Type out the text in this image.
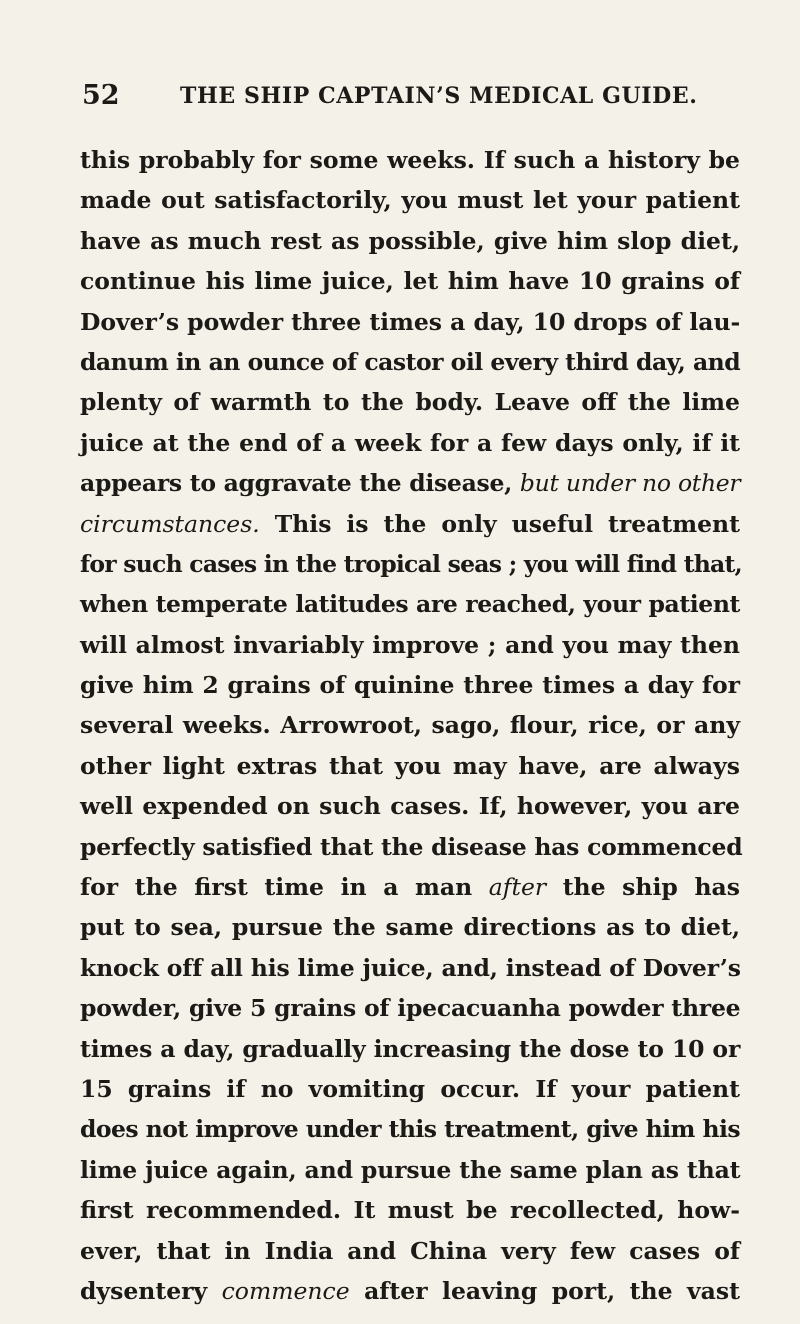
52	THE SHIP CAPTAIN’S MEDICAL GUIDE.
this probably for some weeks. If such a history be
made out satisfactorily, you must let your patient
have as much rest as possible, give him slop diet,
continue his lime juice, let him have 10 grains of
Dover’s powder three times a day, 10 drops of lau-
danum in an ounce of castor oil every third day, and
plenty of warmth to the body. Leave off the lime
juice at the end of a week for a few days only, if it
appears to aggravate the disease, but under no other
circumstances. This is the only useful treatment
for such cases in the tropical seas ; you will find that,
when temperate latitudes are reached, your patient
will almost invariably improve ; and you may then
give him 2 grains of quinine three times a day for
several weeks. Arrowroot, sago, flour, rice, or any
other light extras that you may have, are always
well expended on such cases. If, however, you are
perfectly satisfied that the disease has commenced
for the first time in a man after the ship has
put to sea, pursue the same directions as to diet,
knock off all his lime juice, and, instead of Dover’s
powder, give 5 grains of ipecacuanha powder three
times a day, gradually increasing the dose to 10 or
15 grains if no vomiting occur. If your patient
does not improve under this treatment, give him his
lime juice again, and pursue the same plan as that
first recommended. It must be recollected, how-
ever, that in India and China very few cases of
dysentery commence after leaving port, the vast
